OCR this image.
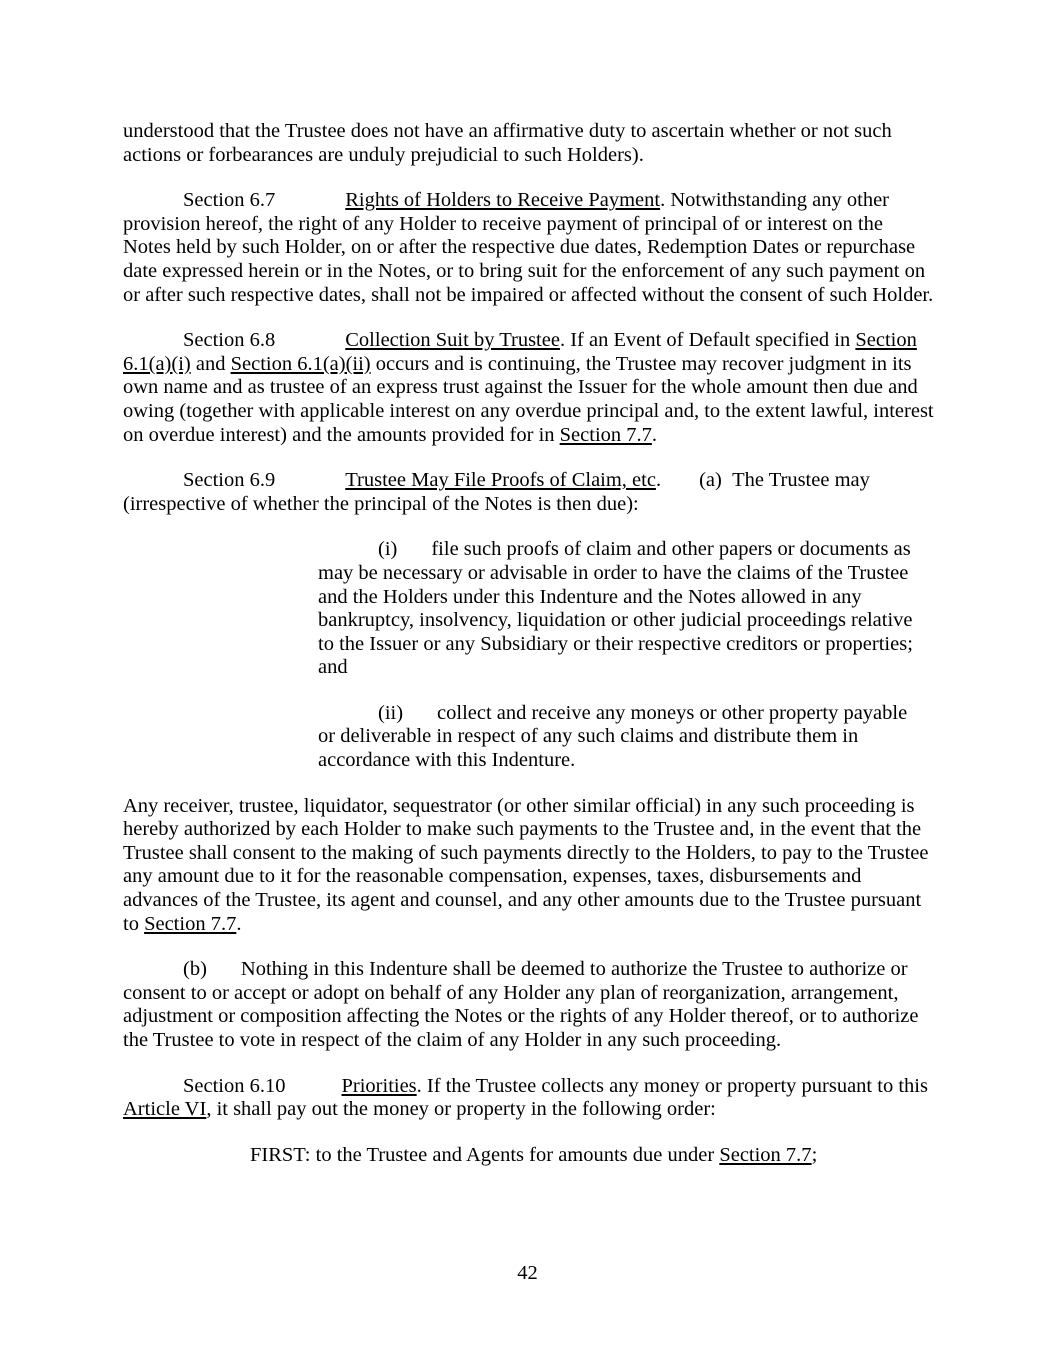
understood that the Trustee does not have an affirmative duty to ascertain whether or not such actions or forbearances are unduly prejudicial to such Holders).

Section 6.7	Rights of Holders to Receive Payment. Notwithstanding any other provision hereof, the right of any Holder to receive payment of principal of or interest on the Notes held by such Holder, on or after the respective due dates, Redemption Dates or repurchase date expressed herein or in the Notes, or to bring suit for the enforcement of any such payment on or after such respective dates, shall not be impaired or affected without the consent of such Holder.

Section 6.8	Collection Suit by Trustee. If an Event of Default specified in Section 6.1(a)(i) and Section 6.1(a)(ii) occurs and is continuing, the Trustee may recover judgment in its own name and as trustee of an express trust against the Issuer for the whole amount then due and owing (together with applicable interest on any overdue principal and, to the extent lawful, interest on overdue interest) and the amounts provided for in Section 7.7.

Section 6.9	Trustee May File Proofs of Claim, etc. (a)  The Trustee may (irrespective of whether the principal of the Notes is then due):

(i) file such proofs of claim and other papers or documents as may be necessary or advisable in order to have the claims of the Trustee and the Holders under this Indenture and the Notes allowed in any bankruptcy, insolvency, liquidation or other judicial proceedings relative to the Issuer or any Subsidiary or their respective creditors or properties; and

(ii) collect and receive any moneys or other property payable or deliverable in respect of any such claims and distribute them in accordance with this Indenture.

Any receiver, trustee, liquidator, sequestrator (or other similar official) in any such proceeding is hereby authorized by each Holder to make such payments to the Trustee and, in the event that the Trustee shall consent to the making of such payments directly to the Holders, to pay to the Trustee any amount due to it for the reasonable compensation, expenses, taxes, disbursements and advances of the Trustee, its agent and counsel, and any other amounts due to the Trustee pursuant to Section 7.7.

(b) Nothing in this Indenture shall be deemed to authorize the Trustee to authorize or consent to or accept or adopt on behalf of any Holder any plan of reorganization, arrangement, adjustment or composition affecting the Notes or the rights of any Holder thereof, or to authorize the Trustee to vote in respect of the claim of any Holder in any such proceeding.

Section 6.10	Priorities. If the Trustee collects any money or property pursuant to this Article VI, it shall pay out the money or property in the following order:

FIRST: to the Trustee and Agents for amounts due under Section 7.7;

42
